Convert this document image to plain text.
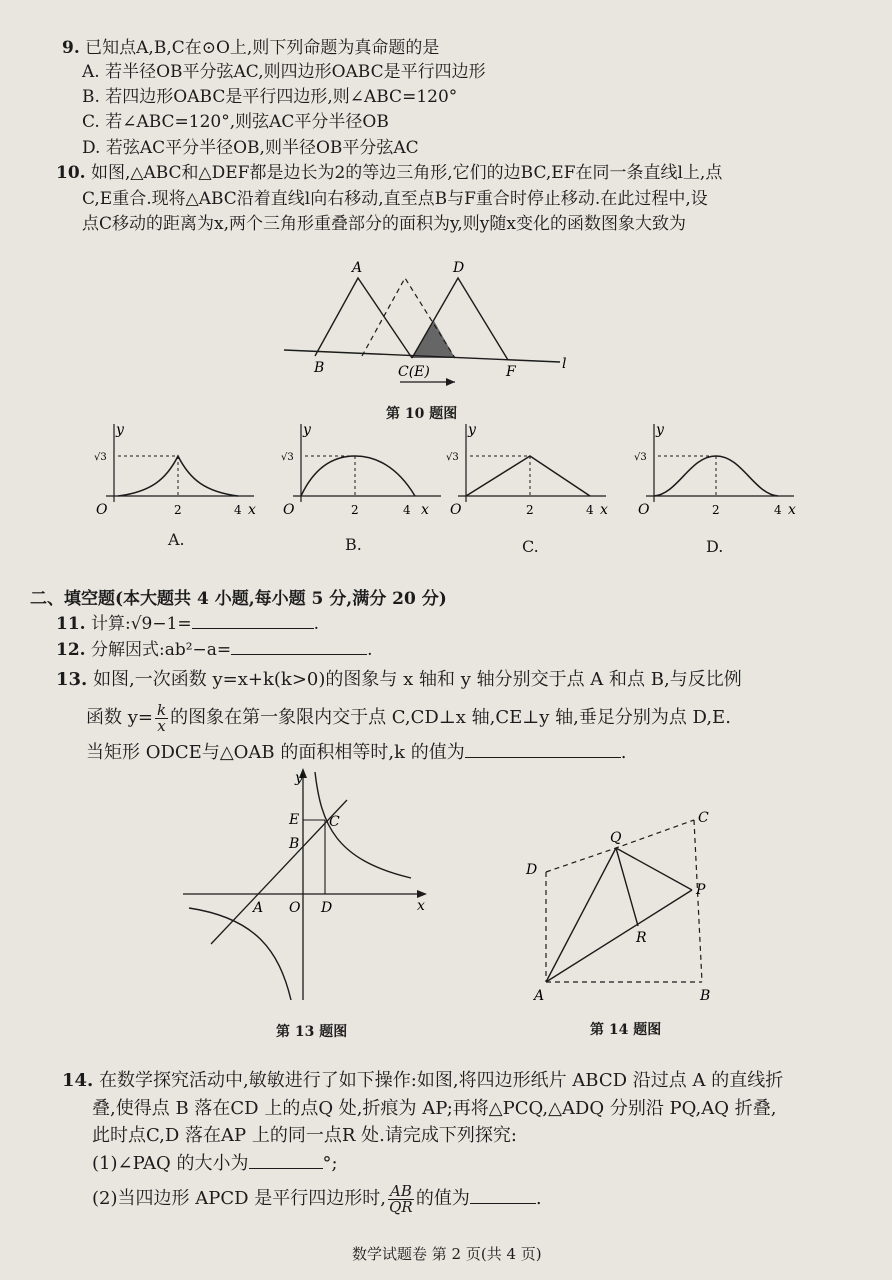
9. 已知点A,B,C在⊙O上,则下列命题为真命题的是
A. 若半径OB平分弦AC,则四边形OABC是平行四边形
B. 若四边形OABC是平行四边形,则∠ABC=120°
C. 若∠ABC=120°,则弦AC平分半径OB
D. 若弦AC平分半径OB,则半径OB平分弦AC
10. 如图,△ABC和△DEF都是边长为2的等边三角形,它们的边BC,EF在同一条直线l上,点
C,E重合.现将△ABC沿着直线l向右移动,直至点B与F重合时停止移动.在此过程中,设
点C移动的距离为x,两个三角形重叠部分的面积为y,则y随x变化的函数图象大致为
A	D
B	C(E)	F	l
第 10 题图
y
√3
O	2	4 x
y
√3
O	2	4 x
y
√3
O	2	4 x
y
√3
O	2	4 x
A.	B.	C.	D.
二、填空题(本大题共 4 小题,每小题 5 分,满分 20 分)
11. 计算:√9−1=	.
12. 分解因式:ab²−a=	.
13. 如图,一次函数 y=x+k(k>0)的图象与 x 轴和 y 轴分别交于点 A 和点 B,与反比例
函数 $y= \frac{k}{x}$ 的图象在第一象限内交于点 C,CD⊥x 轴,CE⊥y 轴,垂足分别为点 D,E.
当矩形 ODCE与△OAB 的面积相等时,k 的值为	.
y
x
E C
B
A O D
第 13 题图
C
Q
D
P
R
A	B
第 14 题图
14. 在数学探究活动中,敏敏进行了如下操作:如图,将四边形纸片 ABCD 沿过点 A 的直线折
叠,使得点 B 落在CD 上的点Q 处,折痕为 AP;再将△PCQ,△ADQ 分别沿 PQ,AQ 折叠,
此时点C,D 落在AP 上的同一点R 处.请完成下列探究:
(1)∠PAQ 的大小为	°;
(2)当四边形 APCD 是平行四边形时, $\frac{AB}{QR}$ 的值为	.
数学试题卷 第 2 页(共 4 页)
